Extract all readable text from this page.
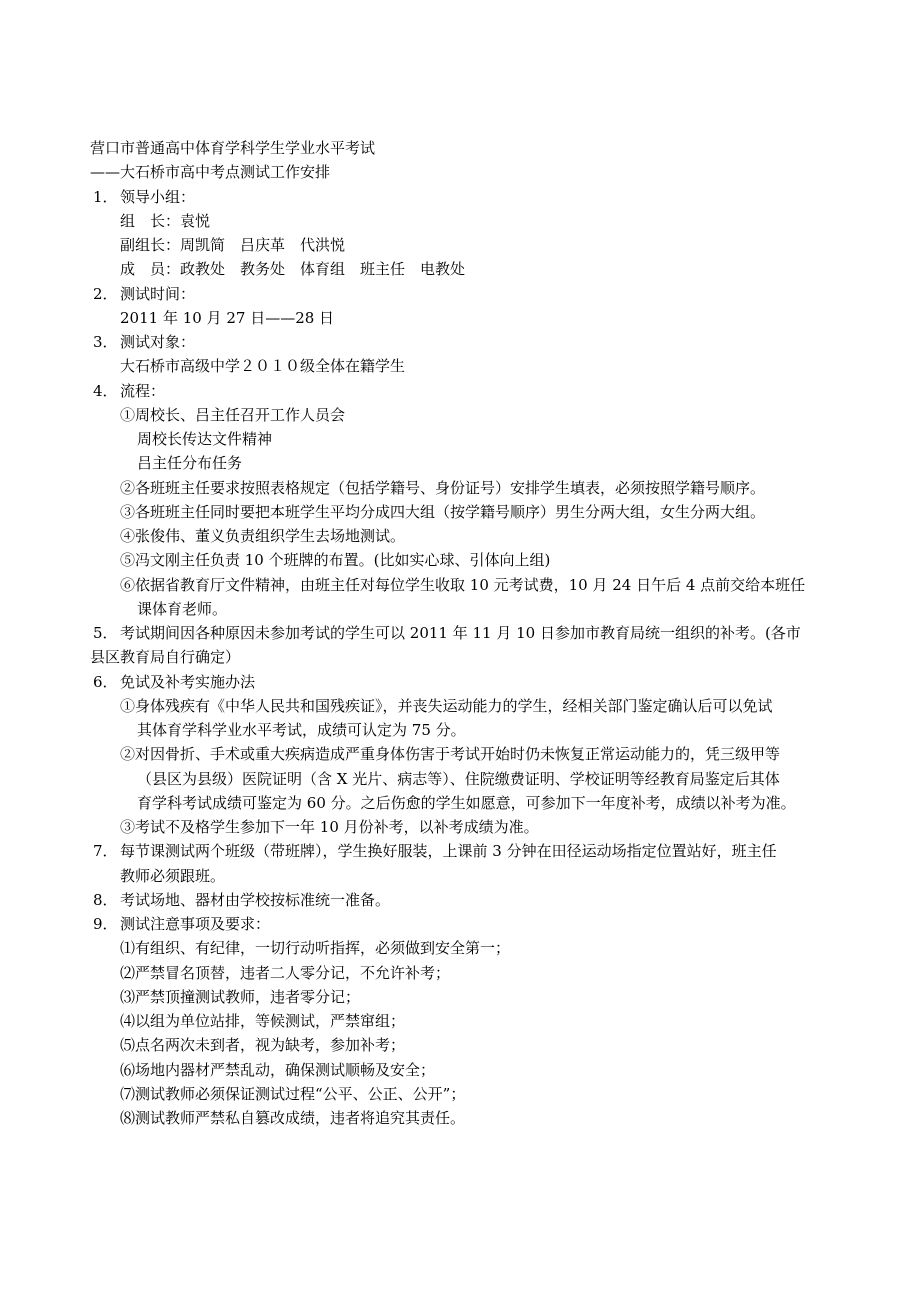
营口市普通高中体育学科学生学业水平考试
——大石桥市高中考点测试工作安排
1． 领导小组：
组　长：袁悦
副组长：周凯简　吕庆革　代洪悦
成　员：政教处　教务处　体育组　班主任　电教处
2． 测试时间：
2011 年 10 月 27 日——28 日
3． 测试对象：
大石桥市高级中学２０１０级全体在籍学生
4． 流程：
①周校长、吕主任召开工作人员会
周校长传达文件精神
吕主任分布任务
②各班班主任要求按照表格规定（包括学籍号、身份证号）安排学生填表，必须按照学籍号顺序。
③各班班主任同时要把本班学生平均分成四大组（按学籍号顺序）男生分两大组，女生分两大组。
④张俊伟、董义负责组织学生去场地测试。
⑤冯文刚主任负责 10 个班牌的布置。(比如实心球、引体向上组)
⑥依据省教育厅文件精神，由班主任对每位学生收取 10 元考试费，10 月 24 日午后 4 点前交给本班任
课体育老师。
5． 考试期间因各种原因未参加考试的学生可以 2011 年 11 月 10 日参加市教育局统一组织的补考。(各市
县区教育局自行确定）
6． 免试及补考实施办法
①身体残疾有《中华人民共和国残疾证》，并丧失运动能力的学生，经相关部门鉴定确认后可以免试
其体育学科学业水平考试，成绩可认定为 75 分。
②对因骨折、手术或重大疾病造成严重身体伤害于考试开始时仍未恢复正常运动能力的，凭三级甲等
（县区为县级）医院证明（含 X 光片、病志等）、住院缴费证明、学校证明等经教育局鉴定后其体
育学科考试成绩可鉴定为 60 分。之后伤愈的学生如愿意，可参加下一年度补考，成绩以补考为准。
③考试不及格学生参加下一年 10 月份补考，以补考成绩为准。
7． 每节课测试两个班级（带班牌），学生换好服装，上课前 3 分钟在田径运动场指定位置站好，班主任
教师必须跟班。
8． 考试场地、器材由学校按标准统一准备。
9． 测试注意事项及要求：
⑴有组织、有纪律，一切行动听指挥，必须做到安全第一；
⑵严禁冒名顶替，违者二人零分记，不允许补考；
⑶严禁顶撞测试教师，违者零分记；
⑷以组为单位站排，等候测试，严禁窜组；
⑸点名两次未到者，视为缺考，参加补考；
⑹场地内器材严禁乱动，确保测试顺畅及安全；
⑺测试教师必须保证测试过程“公平、公正、公开”；
⑻测试教师严禁私自篡改成绩，违者将追究其责任。
